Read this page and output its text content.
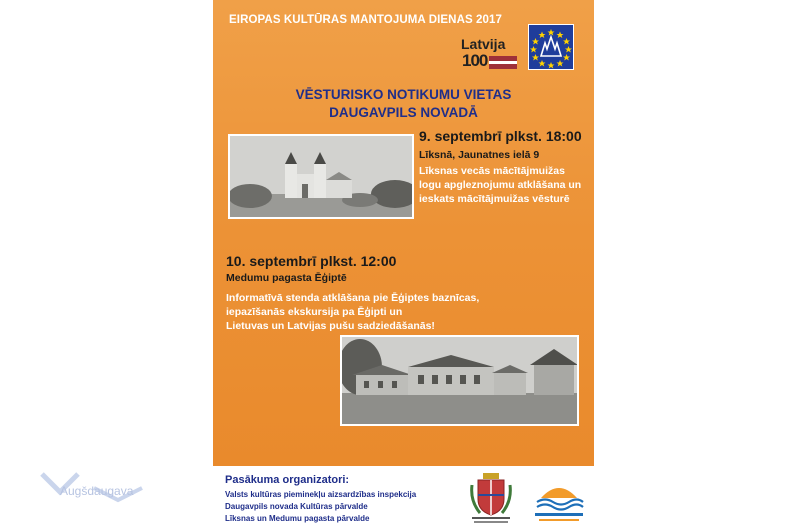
EIROPAS KULTŪRAS MANTOJUMA DIENAS 2017
Latvija
100
VĒSTURISKO NOTIKUMU VIETAS
DAUGAVPILS NOVADĀ
9. septembrī plkst. 18:00
Līksnā, Jaunatnes ielā 9
Līksnas vecās mācītājmuižas
logu apgleznojumu atklāšana un
ieskats mācītājmuižas vēsturē
10. septembrī plkst. 12:00
Medumu pagasta Ēģiptē
Informatīvā stenda atklāšana pie Ēģiptes baznīcas,
iepazīšanās ekskursija pa Ēģipti un
Lietuvas un Latvijas pušu sadziedāšanās!
Pasākuma organizatori:
Valsts kultūras pieminekļu aizsardzības inspekcija
Daugavpils novada Kultūras pārvalde
Līksnas un Medumu pagasta pārvalde
Augšdaugava
